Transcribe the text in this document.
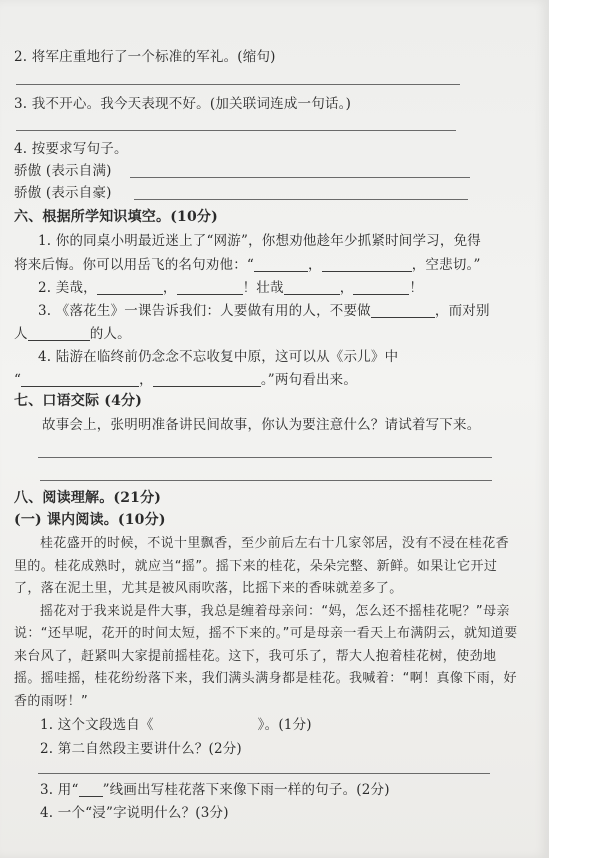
2. 将军庄重地行了一个标准的军礼。(缩句)
3. 我不开心。我今天表现不好。(加关联词连成一句话。)
4. 按要求写句子。
骄傲 (表示自满)
骄傲 (表示自豪)
六、根据所学知识填空。(10分)
1. 你的同桌小明最近迷上了“网游”，你想劝他趁年少抓紧时间学习，免得
将来后悔。你可以用岳飞的名句劝他：“	，	，空悲切。”
2. 美哉，	，	！壮哉	，	！
3. 《落花生》一课告诉我们：人要做有用的人，不要做	，而对别
人	的人。
4. 陆游在临终前仍念念不忘收复中原，这可以从《示儿》中
“	，	。”两句看出来。
七、口语交际 (4分)
故事会上，张明明准备讲民间故事，你认为要注意什么？请试着写下来。
八、阅读理解。(21分)
(一) 课内阅读。(10分)

桂花盛开的时候，不说十里飘香，至少前后左右十几家邻居，没有不浸在桂花香里的。桂花成熟时，就应当“摇”。摇下来的桂花，朵朵完整、新鲜。如果让它开过了，落在泥土里，尤其是被风雨吹落，比摇下来的香味就差多了。

摇花对于我来说是件大事，我总是缠着母亲问：“妈，怎么还不摇桂花呢？”母亲说：“还早呢，花开的时间太短，摇不下来的。”可是母亲一看天上布满阴云，就知道要来台风了，赶紧叫大家提前摇桂花。这下，我可乐了，帮大人抱着桂花树，使劲地摇。摇哇摇，桂花纷纷落下来，我们满头满身都是桂花。我喊着：“啊！真像下雨，好香的雨呀！”

1. 这个文段选自《	》。(1分)
2. 第二自然段主要讲什么？(2分)
3. 用“ ”线画出写桂花落下来像下雨一样的句子。(2分)
4. 一个“浸”字说明什么？(3分)
